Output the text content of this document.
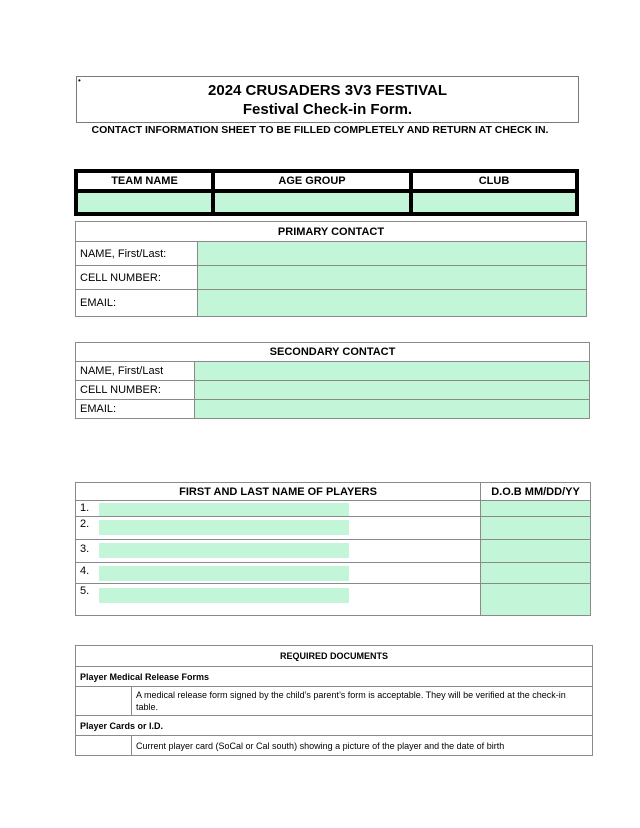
•
2024 CRUSADERS 3V3 FESTIVAL
Festival Check-in Form.
CONTACT INFORMATION SHEET TO BE FILLED COMPLETELY AND RETURN AT CHECK IN.
TEAM NAME	AGE GROUP	CLUB
PRIMARY CONTACT	
NAME, First/Last:	
CELL NUMBER:	
EMAIL:	
SECONDARY CONTACT	
NAME, First/Last	
CELL NUMBER:	
EMAIL:	
FIRST AND LAST NAME OF PLAYERS	D.O.B MM/DD/YY

1.	

2.	

3.	

4.	

5.	

REQUIRED DOCUMENTS	
Player Medical Release Forms	
	A medical release form signed by the child’s parent’s form is acceptable. They will be verified at the check-in table.
Player Cards or I.D.	
	Current player card (SoCal or Cal south) showing a picture of the player and the date of birth
